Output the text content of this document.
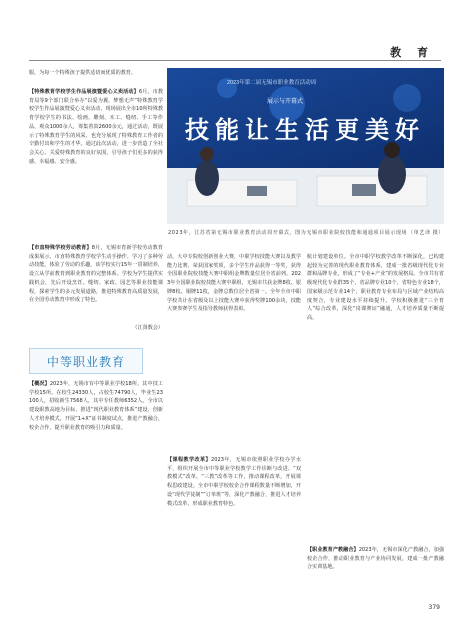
教 育
服，为每一个特殊孩子提供适切而优质的教育。
【特殊教育学校学生作品展演暨爱心义卖活动】6月，市教育局等9个部门联合举办“以爱为翼，梦想无声”特殊教育学校学生作品展演暨爱心义卖活动，现场展出全市10所特殊教育学校学生的书法、绘画、雕刻、木工、缝纫、手工等作品，观众1000余人，筹集善款2600余元，通过活动，既展示了特殊教育学生的风采，也充分展现了特殊教育工作者的辛勤付出和学生的才华。通过此次活动，进一步营造了全社会关心、关爱特殊教育的良好氛围，引导孩子们更多的获得感、幸福感、安全感。
2023年第二届无锡市职业教育活动周
技能让生活更美好
展示与开幕式
2023年，江苏省第无锡市职业教育活动周开幕式，图为无锡市职业院校技能和通通项目展示现场 （单艺译 摄）
【市直特殊学校劳动教育】8月，无锡市育新学校劳动教育成果展示，市直特殊教育学校学生动手操作，学习了多种劳动技能，体验了劳动的乐趣。该学校实行15年一贯制培养，设立从学前教育到职业教育的完整体系。学校为学生提供实践机会，先后开设烹饪、缝纫、家政、园艺等职业技能课程，探索学生的多元发展道路，推进特殊教育高质量发展，在全国劳动教育中形成了特色。
（江贤数会）
中等职业教育
【概况】2023年，无锡市有中等职业学校18所，其中技工学校15所。在校生24330人，占校生74790人，毕业生23100人，招收新生7568人，其中专任教师6352人。全市以建设职教高地为目标，推进“现代职业教育体系”建设，创新人才培养模式，开展“1+X”证书制度试点，推进产教融合、校企合作，提升职业教育的吸引力和质量。
动，大中专院校创新创业大赛，中职学校技能大赛以及教学能力比赛，荣获国家奖项，多个学生作品获得一等奖，获得全国职业院校技能大赛中职组金牌数量位居全省前列。2023年全国职业院校技能大赛中职组，无锡市共获金牌8枚、银牌8枚、铜牌11枚，金牌总数位居全省第一。全年全市中职学校共计在省级及以上技能大赛中获得奖牌100余块，技能大赛参赛学生及指导教师获得表彰。
【课程教学改革】2023年，无锡市依照职业学校办学水平，组织开展全市中等职业学校教学工作诊断与改进、“双教模式”改革、“三教”改革等工作，推动课程改革，开展课程思政建设。全市中职学校校企合作课程数量不断增加，开设“现代学徒制”“订单班”等，深化产教融合，推进人才培养模式改革，形成职业教育特色。
航计划建设单位。全市中职学校教学改革不断深化，已构建起较为完善的现代职业教育体系，建成一批省级现代化专业群和品牌专业，形成了“专业+产业”的发展格局。全市共有省级现代化专业群35个，省品牌专业10个，省特色专业18个，国家级示范专业14个，职业教育专业布局与区域产业结构高度契合，专业建设水平持续提升。学校积极推进“三全育人”综合改革，深化“岗课赛证”融通，人才培养质量不断提高。
【职业教育产教融合】2023年，无锡市深化产教融合，加强校企合作，推动职业教育与产业协同发展，建成一批产教融合实训基地。
379
